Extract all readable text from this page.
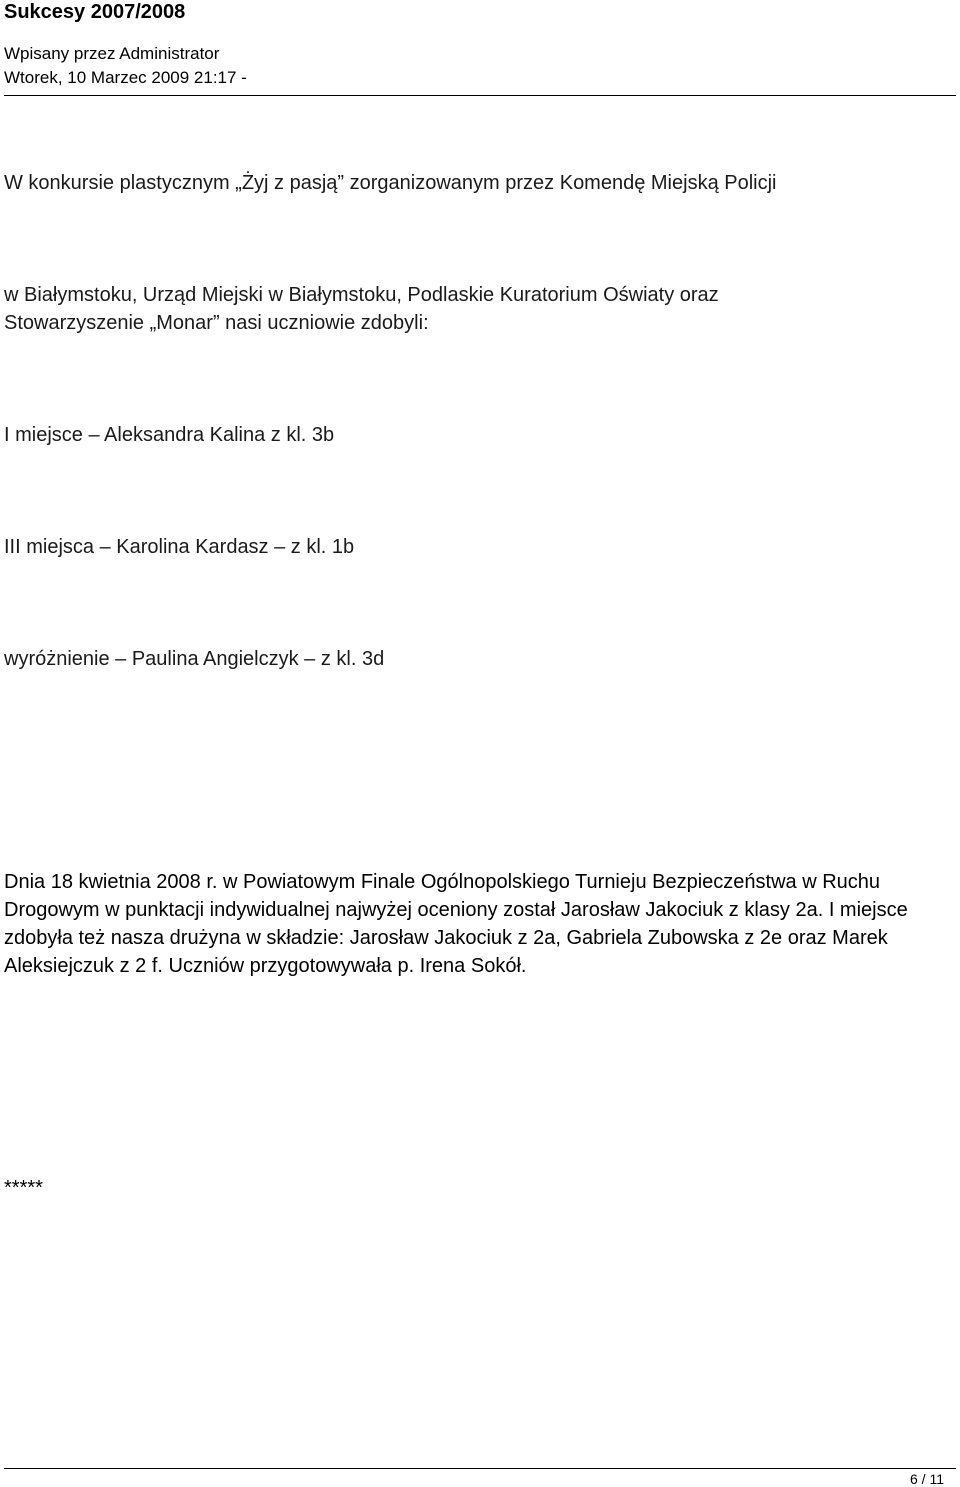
Sukcesy 2007/2008
Wpisany przez Administrator
Wtorek, 10 Marzec 2009 21:17 -
W konkursie plastycznym „Żyj z pasją” zorganizowanym przez Komendę Miejską Policji
w Białymstoku, Urząd Miejski w Białymstoku, Podlaskie Kuratorium Oświaty oraz
Stowarzyszenie „Monar” nasi uczniowie zdobyli:
I miejsce – Aleksandra Kalina z kl. 3b
III miejsca – Karolina Kardasz – z kl. 1b
wyróżnienie – Paulina Angielczyk – z kl. 3d
Dnia 18 kwietnia 2008 r. w Powiatowym Finale Ogólnopolskiego Turnieju Bezpieczeństwa w Ruchu Drogowym w punktacji indywidualnej najwyżej oceniony został Jarosław Jakociuk z klasy 2a. I miejsce zdobyła też nasza drużyna w składzie: Jarosław Jakociuk z 2a, Gabriela Zubowska z 2e oraz Marek Aleksiejczuk z 2 f. Uczniów przygotowywała p. Irena Sokół.
*****
6 / 11
